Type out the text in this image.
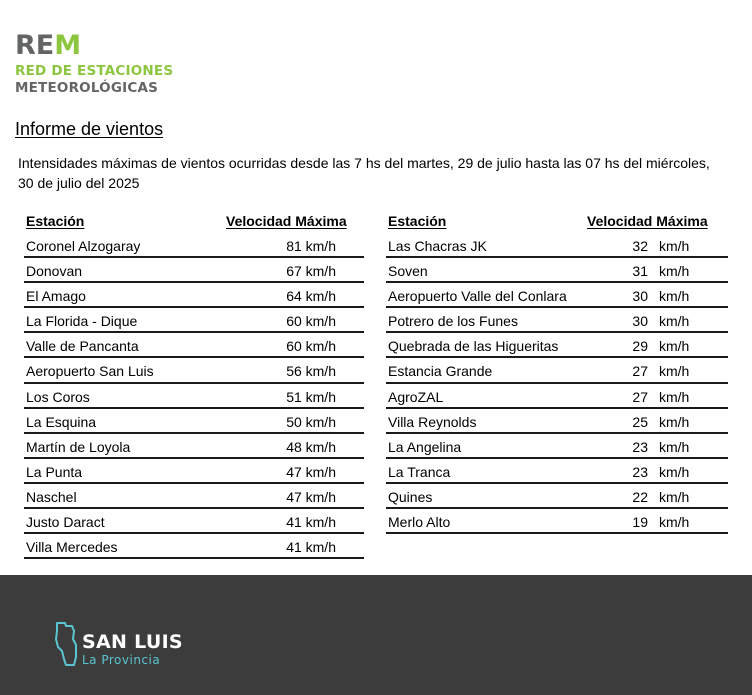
REM
RED DE ESTACIONES
METEOROLÓGICAS
Informe de vientos
Intensidades máximas de vientos ocurridas desde las 7 hs del martes, 29 de julio hasta las 07 hs del miércoles,
30 de julio del 2025
Estación	Velocidad Máxima
Coronel Alzogaray	81 km/h
Donovan	67 km/h
El Amago	64 km/h
La Florida - Dique	60 km/h
Valle de Pancanta	60 km/h
Aeropuerto San Luis	56 km/h
Los Coros	51 km/h
La Esquina	50 km/h
Martín de Loyola	48 km/h
La Punta	47 km/h
Naschel	47 km/h
Justo Daract	41 km/h
Villa Mercedes	41 km/h
Estación	Velocidad Máxima
Las Chacras JK	32 km/h
Soven	31 km/h
Aeropuerto Valle del Conlara	30 km/h
Potrero de los Funes	30 km/h
Quebrada de las Higueritas	29 km/h
Estancia Grande	27 km/h
AgroZAL	27 km/h
Villa Reynolds	25 km/h
La Angelina	23 km/h
La Tranca	23 km/h
Quines	22 km/h
Merlo Alto	19 km/h
SAN LUIS
La Provincia
